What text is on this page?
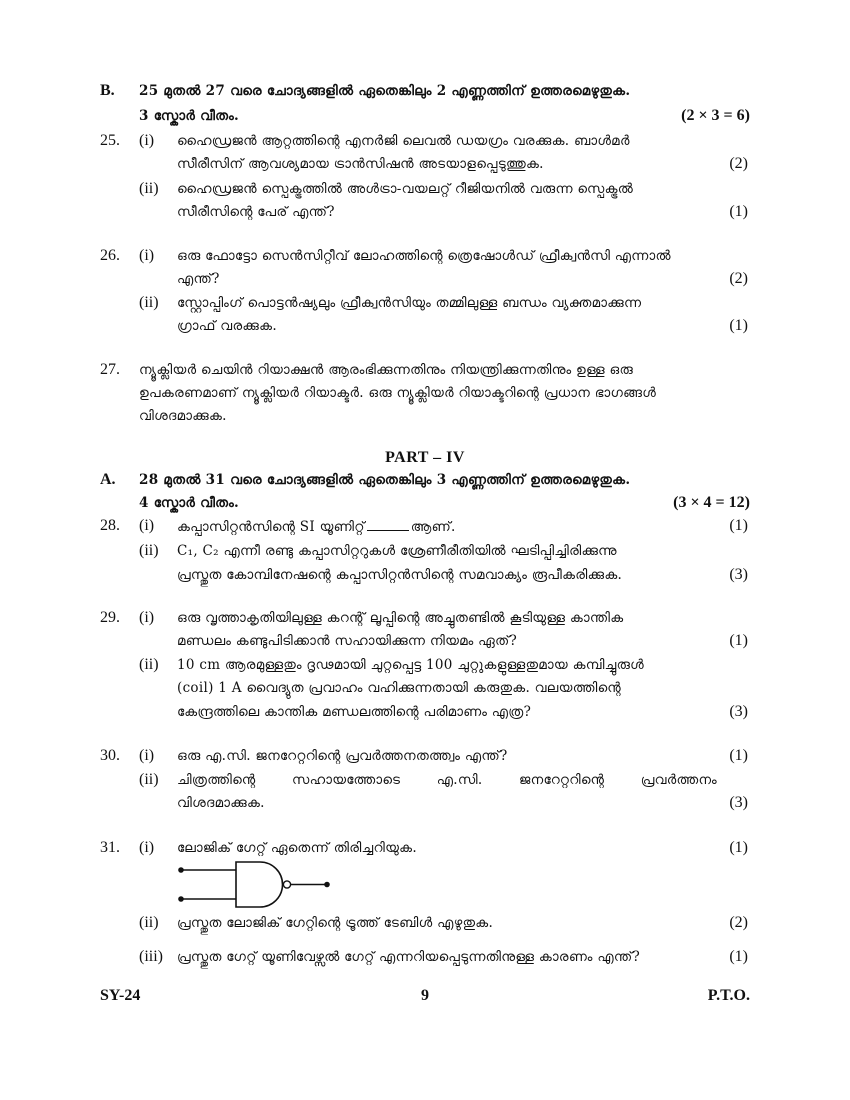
B. 25 മുതൽ 27 വരെ ചോദ്യങ്ങളിൽ ഏതെങ്കിലും 2 എണ്ണത്തിന് ഉത്തരമെഴുതുക.
3 സ്കോർ വീതം.	(2 × 3 = 6)
25. (i) ഹൈഡ്രജൻ ആറ്റത്തിന്റെ എനർജി ലെവൽ ഡയഗ്രം വരക്കുക. ബാൾമർ
സീരീസിന് ആവശ്യമായ ട്രാൻസിഷൻ അടയാളപ്പെടുത്തുക.	(2)
(ii) ഹൈഡ്രജൻ സ്പെക്ട്രത്തിൽ അൾട്രാ-വയലറ്റ് റീജിയനിൽ വരുന്ന സ്പെക്ട്രൽ
സീരീസിന്റെ പേര് എന്ത്?	(1)
26. (i) ഒരു ഫോട്ടോ സെൻസിറ്റീവ് ലോഹത്തിന്റെ ത്രെഷോൾഡ് ഫ്രീക്വൻസി എന്നാൽ
എന്ത്?	(2)
(ii) സ്റ്റോപ്പിംഗ് പൊട്ടൻഷ്യലും ഫ്രീക്വൻസിയും തമ്മിലുള്ള ബന്ധം വ്യക്തമാക്കുന്ന
ഗ്രാഫ് വരക്കുക.	(1)
27. ന്യൂക്ലിയർ ചെയിൻ റിയാക്ഷൻ ആരംഭിക്കുന്നതിനും നിയന്ത്രിക്കുന്നതിനും ഉള്ള ഒരു
ഉപകരണമാണ് ന്യൂക്ലിയർ റിയാക്ടർ. ഒരു ന്യൂക്ലിയർ റിയാക്ടറിന്റെ പ്രധാന ഭാഗങ്ങൾ
വിശദമാക്കുക.
PART – IV
A. 28 മുതൽ 31 വരെ ചോദ്യങ്ങളിൽ ഏതെങ്കിലും 3 എണ്ണത്തിന് ഉത്തരമെഴുതുക.
4 സ്കോർ വീതം.	(3 × 4 = 12)
28. (i) കപ്പാസിറ്റൻസിന്റെ SI യൂണിറ്റ്	ആണ്.	(1)
(ii) C₁, C₂ എന്നീ രണ്ടു കപ്പാസിറ്ററുകൾ ശ്രേണീരീതിയിൽ ഘടിപ്പിച്ചിരിക്കുന്നു
പ്രസ്തുത കോമ്പിനേഷന്റെ കപ്പാസിറ്റൻസിന്റെ സമവാക്യം രൂപീകരിക്കുക.	(3)
29. (i) ഒരു വൃത്താകൃതിയിലുള്ള കറന്റ് ലൂപ്പിന്റെ അച്ചുതണ്ടിൽ കൂടിയുള്ള കാന്തിക
മണ്ഡലം കണ്ടുപിടിക്കാൻ സഹായിക്കുന്ന നിയമം ഏത്?	(1)
(ii) 10 cm ആരമുള്ളതും ദൃഢമായി ചുറ്റപ്പെട്ട 100 ചുറ്റുകളുള്ളതുമായ കമ്പിച്ചുരുൾ
(coil) 1 A വൈദ്യുത പ്രവാഹം വഹിക്കുന്നതായി കരുതുക. വലയത്തിന്റെ
കേന്ദ്രത്തിലെ കാന്തിക മണ്ഡലത്തിന്റെ പരിമാണം എത്ര?	(3)
30. (i) ഒരു എ.സി. ജനറേറ്ററിന്റെ പ്രവർത്തനതത്ത്വം എന്ത്?	(1)
(ii) ചിത്രത്തിന്റെ സഹായത്തോടെ എ.സി. ജനറേറ്ററിന്റെ പ്രവർത്തനം
വിശദമാക്കുക.	(3)
31. (i) ലോജിക് ഗേറ്റ് ഏതെന്ന് തിരിച്ചറിയുക.	(1)
(ii) പ്രസ്തുത ലോജിക് ഗേറ്റിന്റെ ട്രൂത്ത് ടേബിൾ എഴുതുക.	(2)
(iii) പ്രസ്തുത ഗേറ്റ് യൂണിവേഴ്സൽ ഗേറ്റ് എന്നറിയപ്പെടുന്നതിനുള്ള കാരണം എന്ത്?	(1)
SY-24	9	P.T.O.
